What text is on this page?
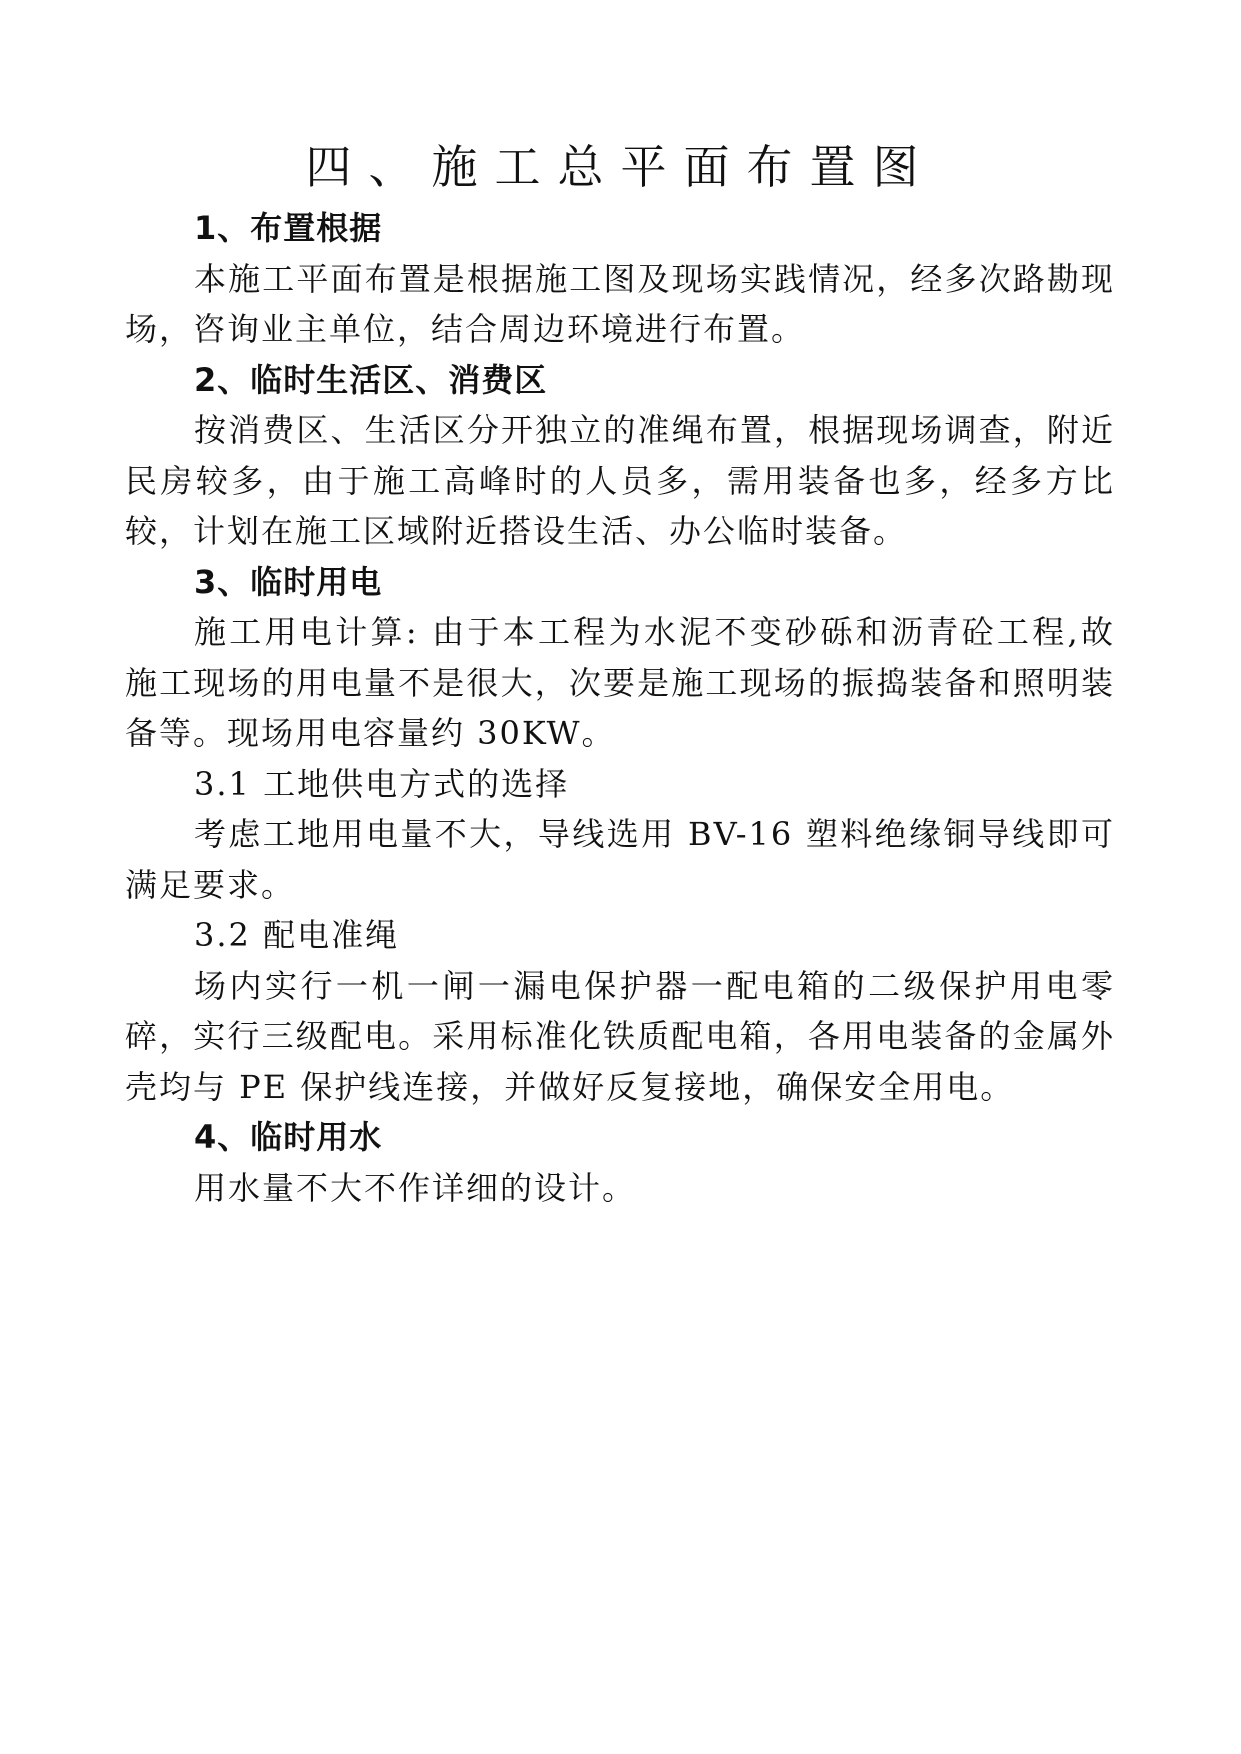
四、施工总平面布置图

1、布置根据

本施工平面布置是根据施工图及现场实践情况，经多次路勘现场，咨询业主单位，结合周边环境进行布置。

2、临时生活区、消费区

按消费区、生活区分开独立的准绳布置，根据现场调查，附近民房较多，由于施工高峰时的人员多，需用装备也多，经多方比较，计划在施工区域附近搭设生活、办公临时装备。

3、临时用电

施工用电计算: 由于本工程为水泥不变砂砾和沥青砼工程,故施工现场的用电量不是很大，次要是施工现场的振捣装备和照明装备等。现场用电容量约 30KW。

3.1 工地供电方式的选择

考虑工地用电量不大，导线选用 BV-16 塑料绝缘铜导线即可满足要求。

3.2 配电准绳

场内实行一机一闸一漏电保护器一配电箱的二级保护用电零碎，实行三级配电。采用标准化铁质配电箱，各用电装备的金属外壳均与 PE 保护线连接，并做好反复接地，确保安全用电。

4、临时用水

用水量不大不作详细的设计。
